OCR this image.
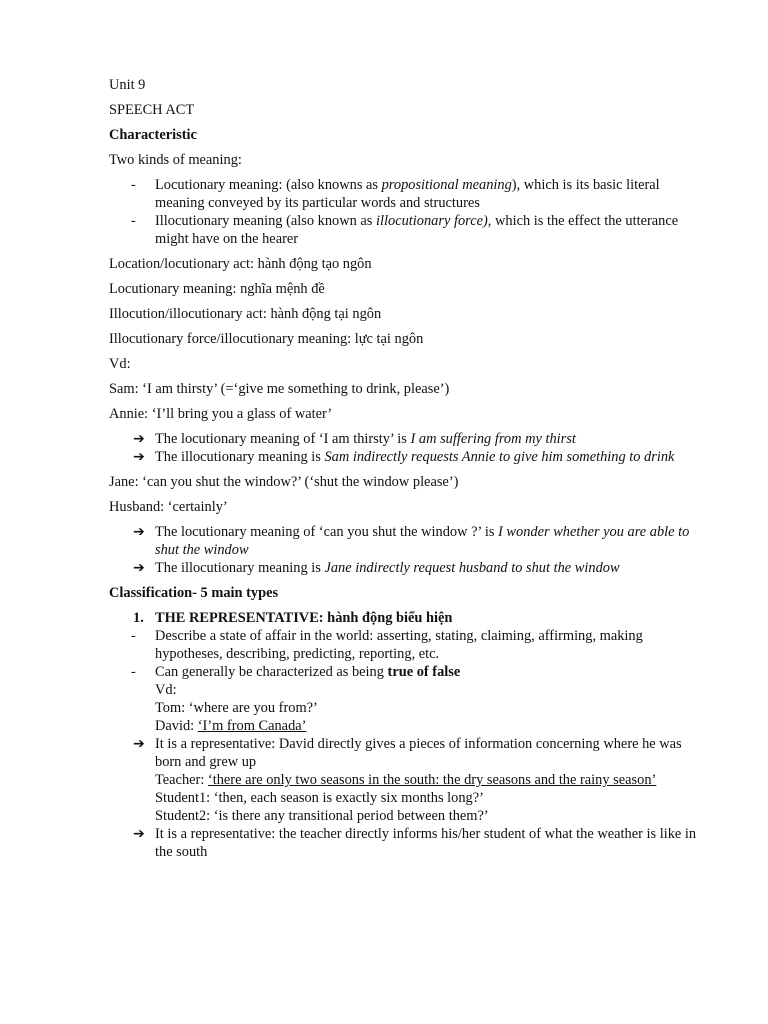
Unit 9

SPEECH ACT

Characteristic

Two kinds of meaning:

- Locutionary meaning: (also knowns as propositional meaning), which is its basic literal meaning conveyed by its particular words and structures
- Illocutionary meaning (also known as illocutionary force), which is the effect the utterance might have on the hearer

Location/locutionary act: hành động tạo ngôn

Locutionary meaning: nghĩa mệnh đề

Illocution/illocutionary act: hành động tại ngôn

Illocutionary force/illocutionary meaning: lực tại ngôn

Vd:

Sam: ‘I am thirsty’ (=‘give me something to drink, please’)

Annie: ‘I’ll bring you a glass of water’

➔ The locutionary meaning of ‘I am thirsty’ is I am suffering from my thirst
➔ The illocutionary meaning is Sam indirectly requests Annie to give him something to drink

Jane: ‘can you shut the window?’ (‘shut the window please’)

Husband: ‘certainly’

➔ The locutionary meaning of ‘can you shut the window ?’ is I wonder whether you are able to shut the window
➔ The illocutionary meaning is Jane indirectly request husband to shut the window

Classification- 5 main types

1. THE REPRESENTATIVE: hành động biểu hiện
- Describe a state of affair in the world: asserting, stating, claiming, affirming, making hypotheses, describing, predicting, reporting, etc.
- Can generally be characterized as being true of false

Vd:

Tom: ‘where are you from?’

David: ‘I’m from Canada’

➔ It is a representative: David directly gives a pieces of information concerning where he was born and grew up

Teacher: ‘there are only two seasons in the south: the dry seasons and the rainy season’

Student1: ‘then, each season is exactly six months long?’

Student2: ‘is there any transitional period between them?’

➔ It is a representative: the teacher directly informs his/her student of what the weather is like in the south
